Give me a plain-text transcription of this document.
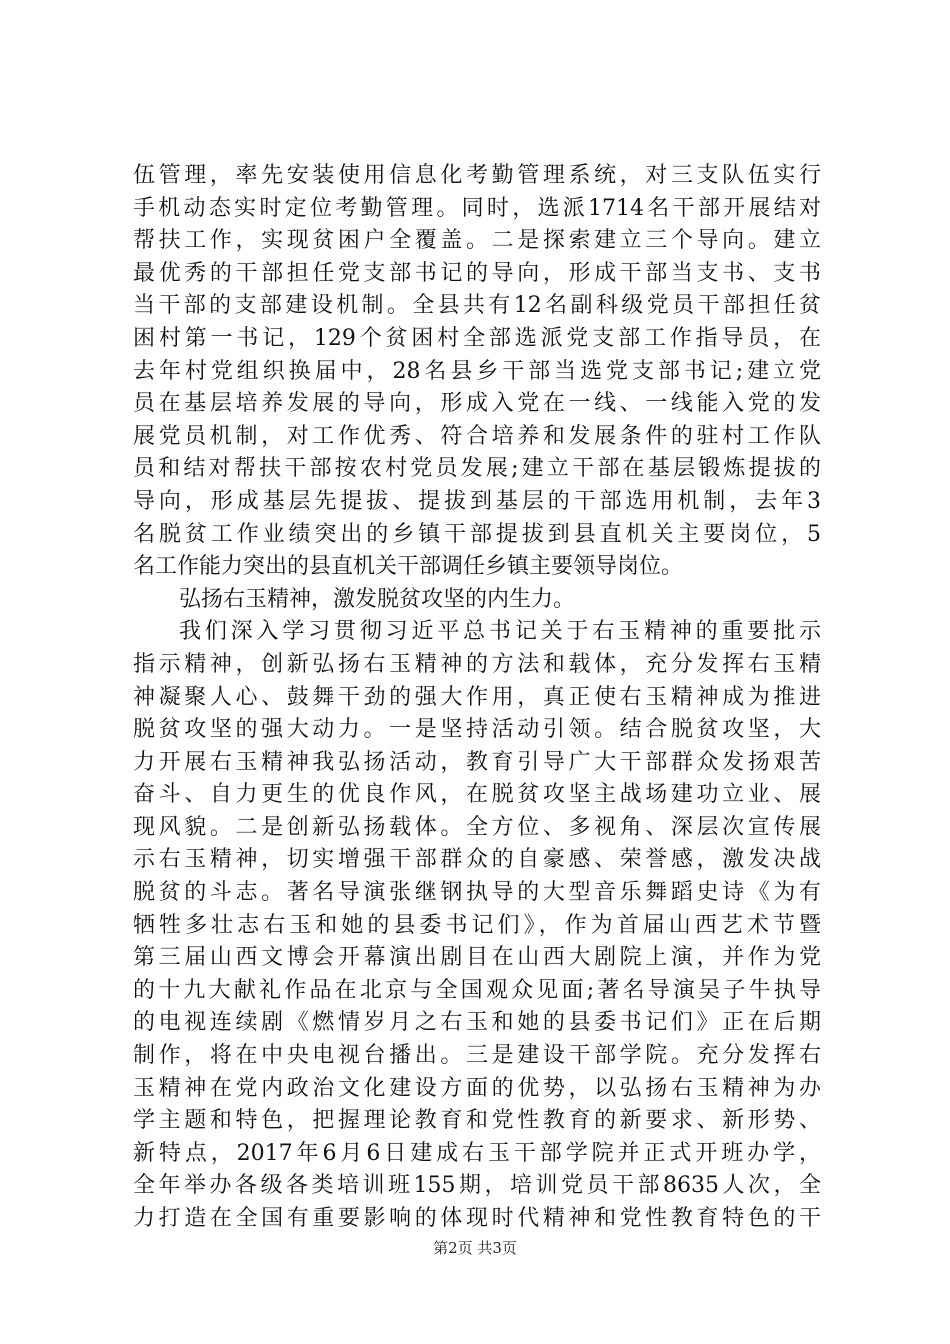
伍管理，率先安装使用信息化考勤管理系统，对三支队伍实行
手机动态实时定位考勤管理。同时，选派1714名干部开展结对
帮扶工作，实现贫困户全覆盖。二是探索建立三个导向。建立
最优秀的干部担任党支部书记的导向，形成干部当支书、支书
当干部的支部建设机制。全县共有12名副科级党员干部担任贫
困村第一书记，129个贫困村全部选派党支部工作指导员，在
去年村党组织换届中，28名县乡干部当选党支部书记;建立党
员在基层培养发展的导向，形成入党在一线、一线能入党的发
展党员机制，对工作优秀、符合培养和发展条件的驻村工作队
员和结对帮扶干部按农村党员发展;建立干部在基层锻炼提拔的
导向，形成基层先提拔、提拔到基层的干部选用机制，去年3
名脱贫工作业绩突出的乡镇干部提拔到县直机关主要岗位，5
名工作能力突出的县直机关干部调任乡镇主要领导岗位。
弘扬右玉精神，激发脱贫攻坚的内生力。
我们深入学习贯彻习近平总书记关于右玉精神的重要批示
指示精神，创新弘扬右玉精神的方法和载体，充分发挥右玉精
神凝聚人心、鼓舞干劲的强大作用，真正使右玉精神成为推进
脱贫攻坚的强大动力。一是坚持活动引领。结合脱贫攻坚，大
力开展右玉精神我弘扬活动，教育引导广大干部群众发扬艰苦
奋斗、自力更生的优良作风，在脱贫攻坚主战场建功立业、展
现风貌。二是创新弘扬载体。全方位、多视角、深层次宣传展
示右玉精神，切实增强干部群众的自豪感、荣誉感，激发决战
脱贫的斗志。著名导演张继钢执导的大型音乐舞蹈史诗《为有
牺牲多壮志右玉和她的县委书记们》，作为首届山西艺术节暨
第三届山西文博会开幕演出剧目在山西大剧院上演，并作为党
的十九大献礼作品在北京与全国观众见面;著名导演吴子牛执导
的电视连续剧《燃情岁月之右玉和她的县委书记们》正在后期
制作，将在中央电视台播出。三是建设干部学院。充分发挥右
玉精神在党内政治文化建设方面的优势，以弘扬右玉精神为办
学主题和特色，把握理论教育和党性教育的新要求、新形势、
新特点，2017年6月6日建成右玉干部学院并正式开班办学，
全年举办各级各类培训班155期，培训党员干部8635人次，全
力打造在全国有重要影响的体现时代精神和党性教育特色的干
第2页 共3页
